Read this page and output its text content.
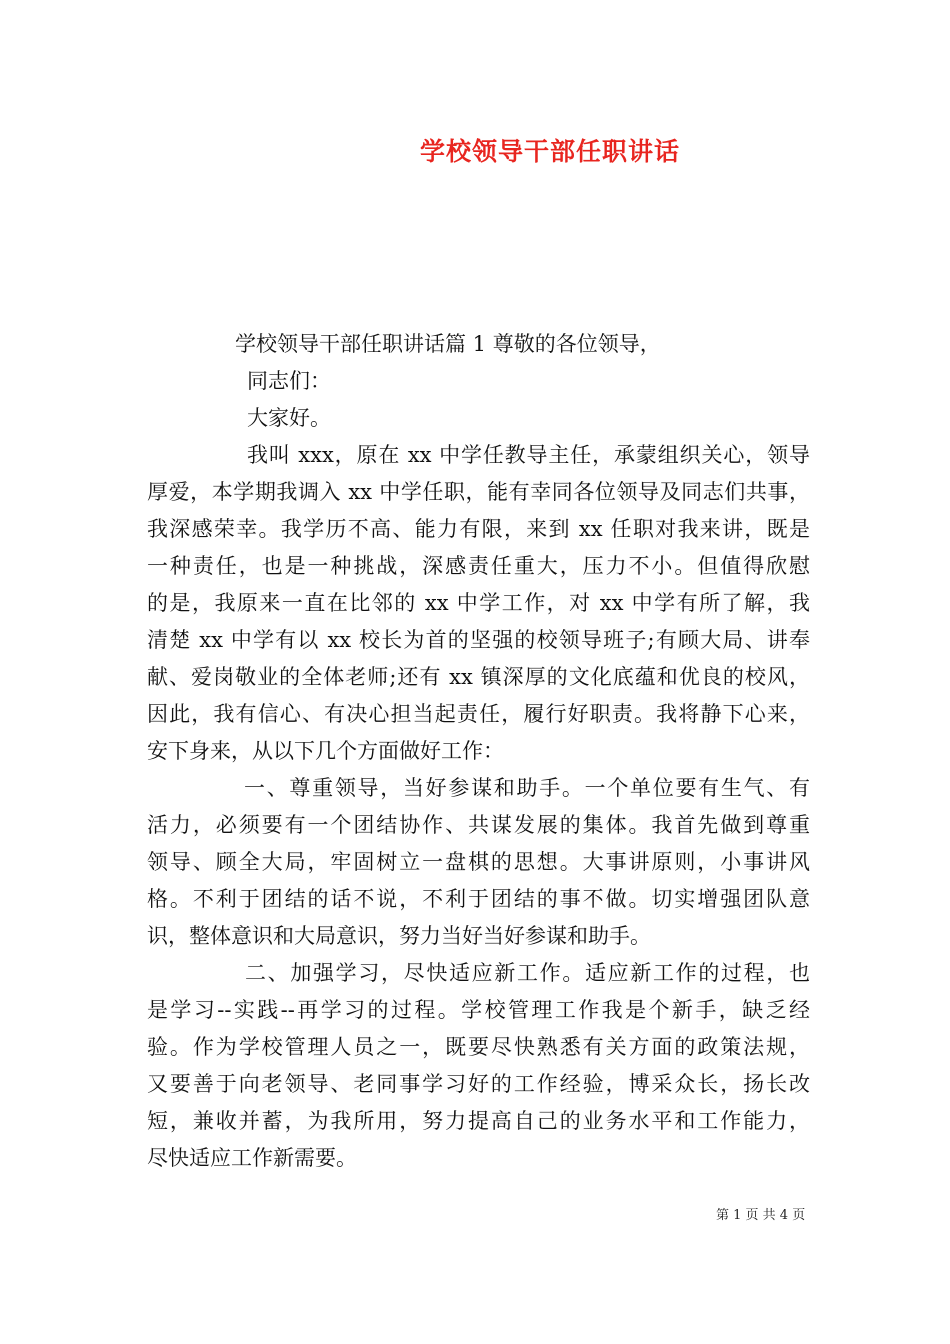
学校领导干部任职讲话
学校领导干部任职讲话篇 1 尊敬的各位领导，
同志们：
大家好。
我叫 xxx，原在 xx 中学任教导主任，承蒙组织关心，领导
厚爱，本学期我调入 xx 中学任职，能有幸同各位领导及同志们共事，
我深感荣幸。我学历不高、能力有限，来到 xx 任职对我来讲，既是
一种责任，也是一种挑战，深感责任重大，压力不小。但值得欣慰
的是，我原来一直在比邻的 xx 中学工作，对 xx 中学有所了解，我
清楚 xx 中学有以 xx 校长为首的坚强的校领导班子;有顾大局、讲奉
献、爱岗敬业的全体老师;还有 xx 镇深厚的文化底蕴和优良的校风，
因此，我有信心、有决心担当起责任，履行好职责。我将静下心来，
安下身来，从以下几个方面做好工作：
一、尊重领导，当好参谋和助手。一个单位要有生气、有
活力，必须要有一个团结协作、共谋发展的集体。我首先做到尊重
领导、顾全大局，牢固树立一盘棋的思想。大事讲原则，小事讲风
格。不利于团结的话不说，不利于团结的事不做。切实增强团队意
识，整体意识和大局意识，努力当好当好参谋和助手。
二、加强学习，尽快适应新工作。适应新工作的过程，也
是学习--实践--再学习的过程。学校管理工作我是个新手，缺乏经
验。作为学校管理人员之一，既要尽快熟悉有关方面的政策法规，
又要善于向老领导、老同事学习好的工作经验，博采众长，扬长改
短，兼收并蓄，为我所用，努力提高自己的业务水平和工作能力，
尽快适应工作新需要。
第 1 页 共 4 页
